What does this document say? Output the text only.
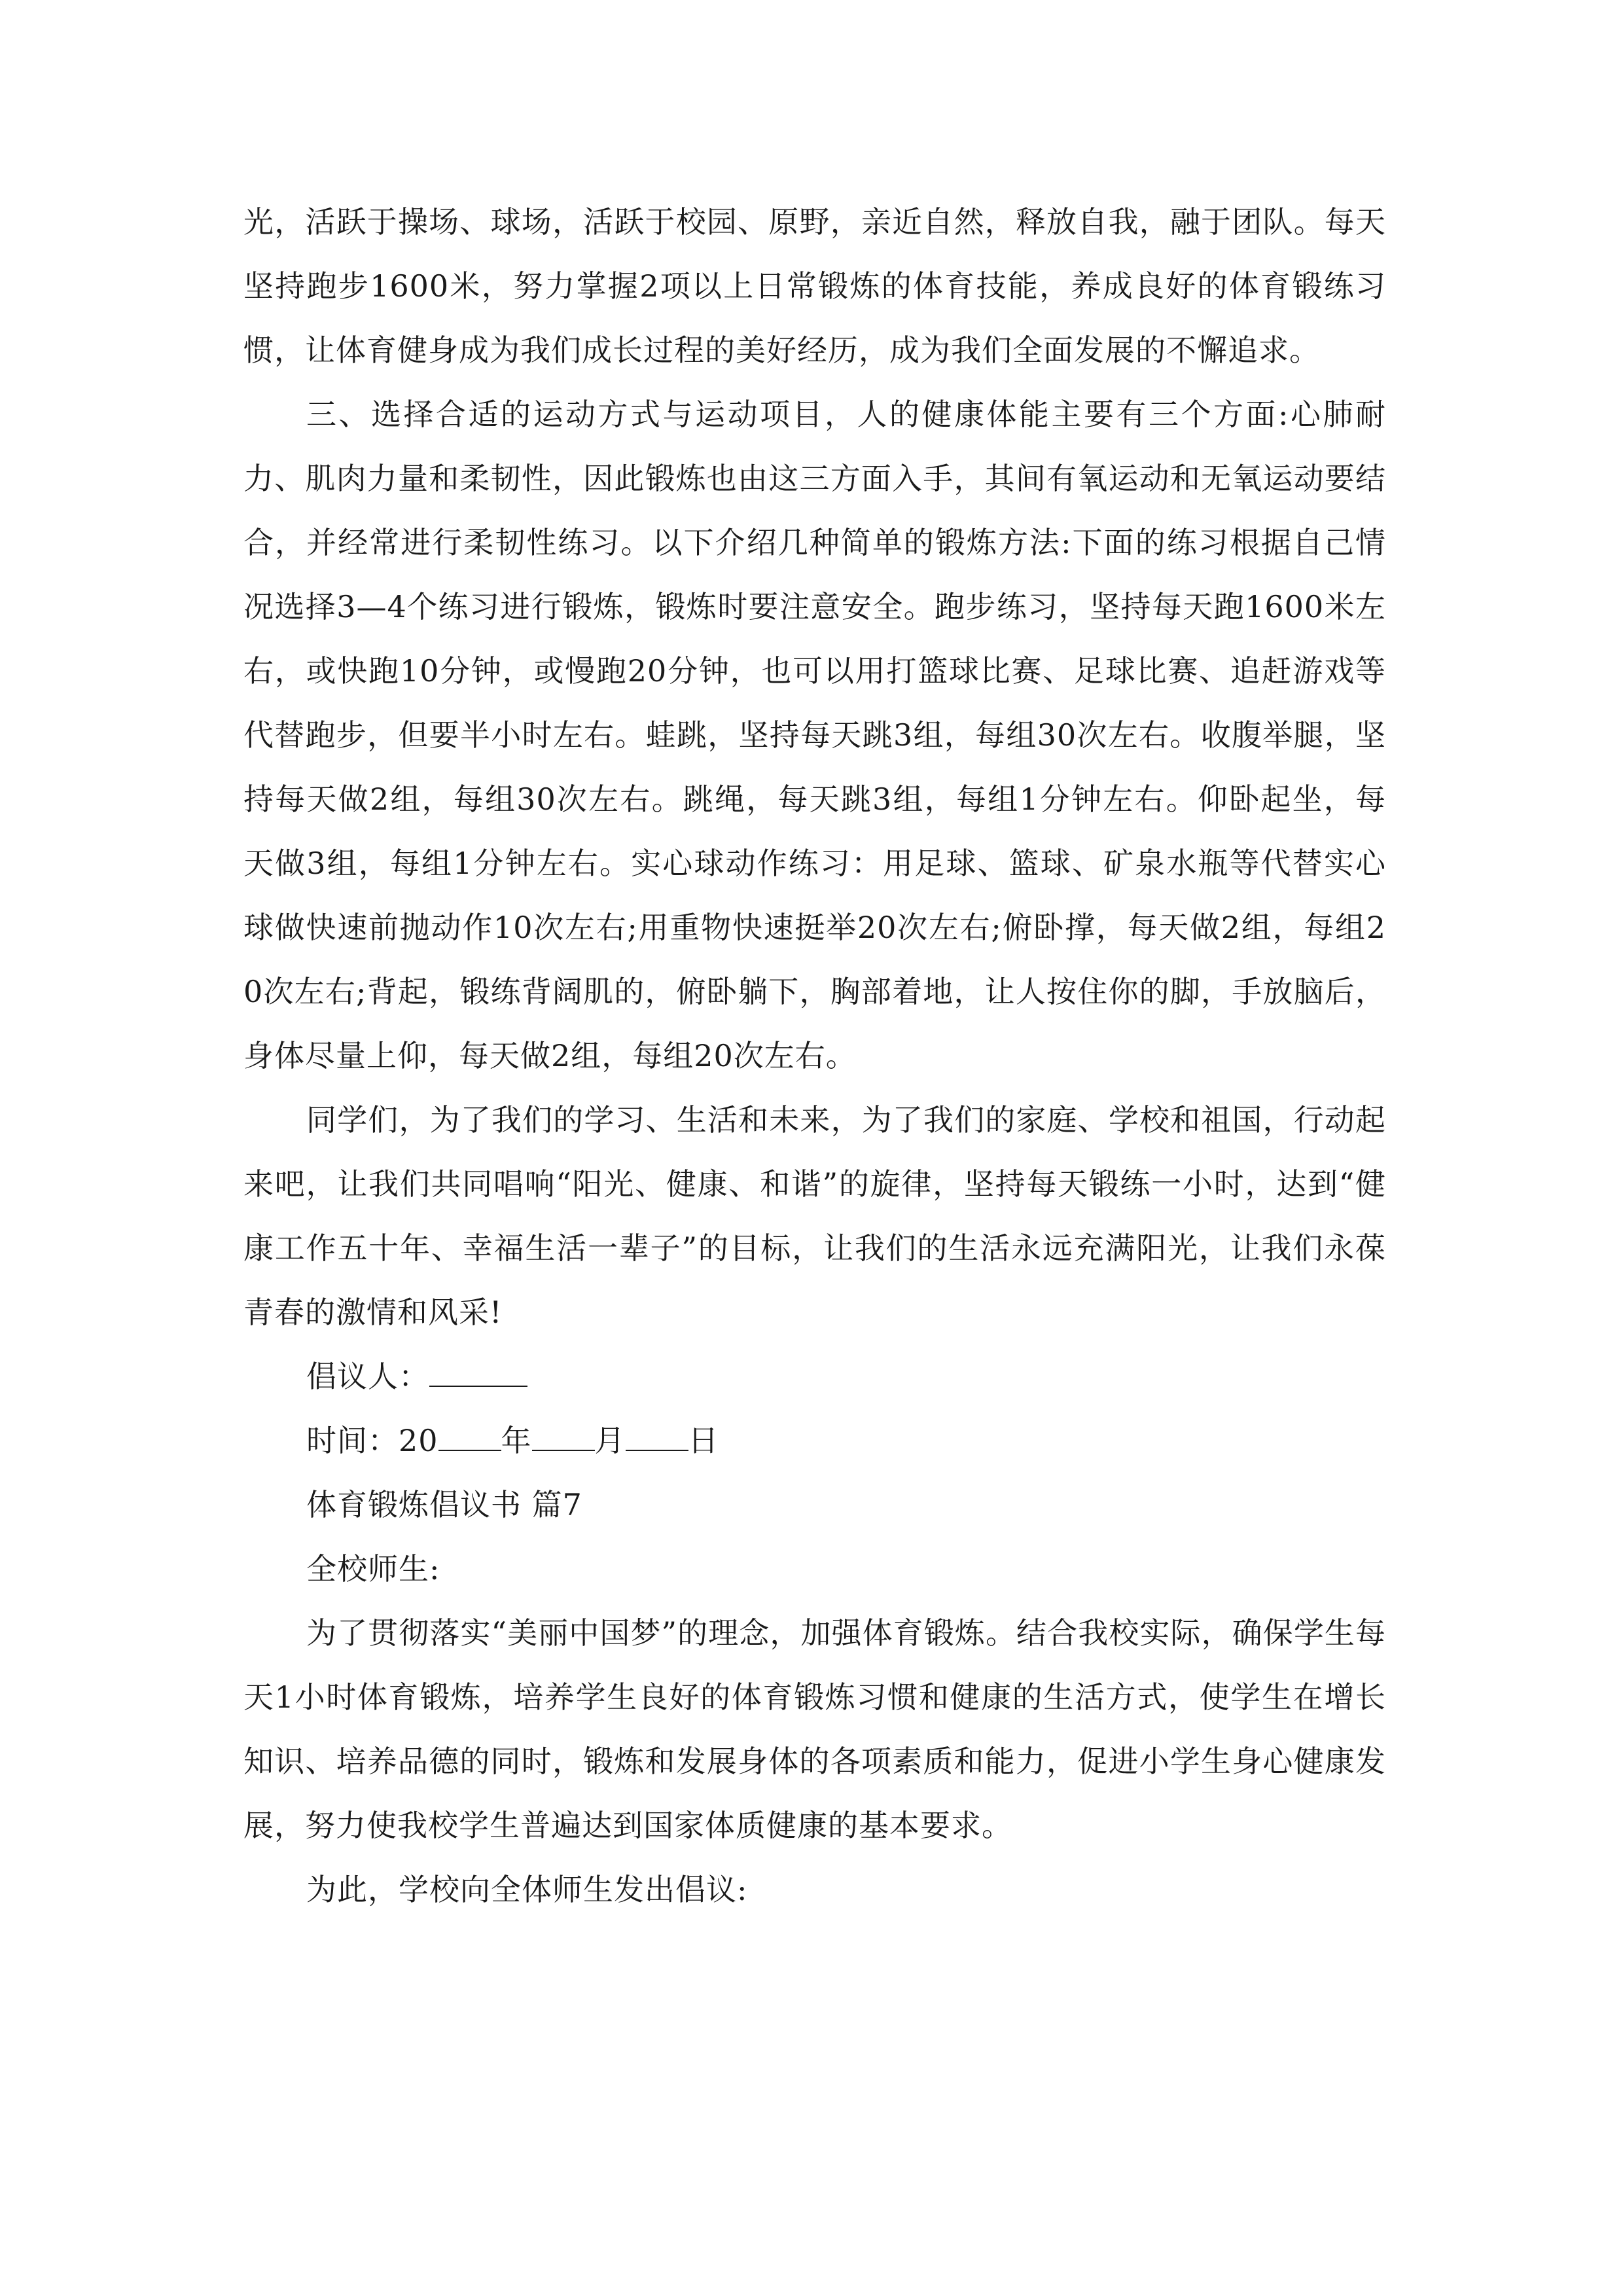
光，活跃于操场、球场，活跃于校园、原野，亲近自然，释放自我，融于团队。每天坚持跑步1600米，努力掌握2项以上日常锻炼的体育技能，养成良好的体育锻练习惯，让体育健身成为我们成长过程的美好经历，成为我们全面发展的不懈追求。

三、选择合适的运动方式与运动项目，人的健康体能主要有三个方面:心肺耐力、肌肉力量和柔韧性，因此锻炼也由这三方面入手，其间有氧运动和无氧运动要结合，并经常进行柔韧性练习。以下介绍几种简单的锻炼方法:下面的练习根据自己情况选择3—4个练习进行锻炼，锻炼时要注意安全。跑步练习，坚持每天跑1600米左右，或快跑10分钟，或慢跑20分钟，也可以用打篮球比赛、足球比赛、追赶游戏等代替跑步，但要半小时左右。蛙跳，坚持每天跳3组，每组30次左右。收腹举腿，坚持每天做2组，每组30次左右。跳绳，每天跳3组，每组1分钟左右。仰卧起坐，每天做3组，每组1分钟左右。实心球动作练习：用足球、篮球、矿泉水瓶等代替实心球做快速前抛动作10次左右;用重物快速挺举20次左右;俯卧撑，每天做2组，每组20次左右;背起，锻练背阔肌的，俯卧躺下，胸部着地，让人按住你的脚，手放脑后，身体尽量上仰，每天做2组，每组20次左右。

同学们，为了我们的学习、生活和未来，为了我们的家庭、学校和祖国，行动起来吧，让我们共同唱响“阳光、健康、和谐”的旋律，坚持每天锻练一小时，达到“健康工作五十年、幸福生活一辈子”的目标，让我们的生活永远充满阳光，让我们永葆青春的激情和风采!

倡议人：

时间：20 年 月 日

体育锻炼倡议书 篇7

全校师生:

为了贯彻落实“美丽中国梦”的理念，加强体育锻炼。结合我校实际，确保学生每天1小时体育锻炼，培养学生良好的体育锻炼习惯和健康的生活方式，使学生在增长知识、培养品德的同时，锻炼和发展身体的各项素质和能力，促进小学生身心健康发展，努力使我校学生普遍达到国家体质健康的基本要求。

为此，学校向全体师生发出倡议:
